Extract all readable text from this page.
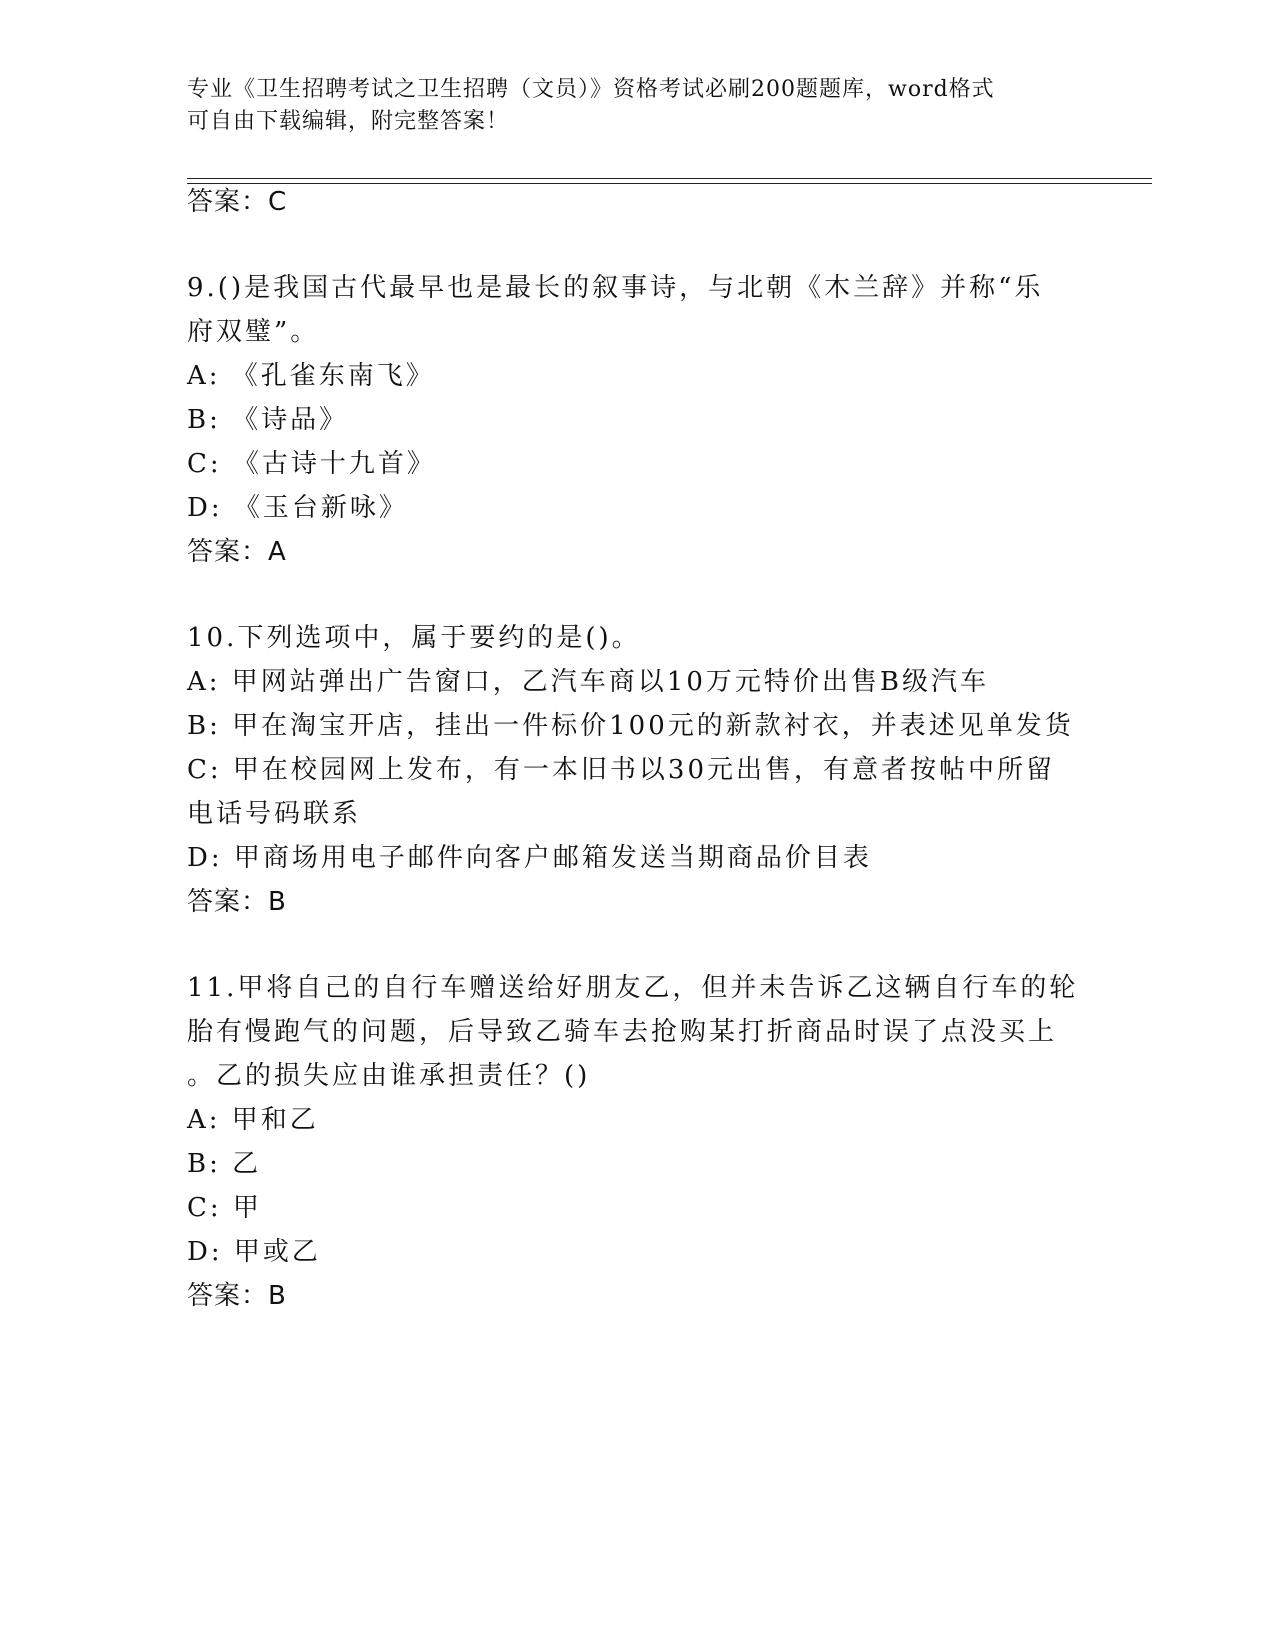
专业《卫生招聘考试之卫生招聘（文员）》资格考试必刷200题题库，word格式
可自由下载编辑，附完整答案！
答案：C
9.()是我国古代最早也是最长的叙事诗，与北朝《木兰辞》并称“乐
府双璧”。
A: 《孔雀东南飞》
B: 《诗品》
C: 《古诗十九首》
D: 《玉台新咏》
答案：A
10.下列选项中，属于要约的是()。
A: 甲网站弹出广告窗口，乙汽车商以10万元特价出售B级汽车
B: 甲在淘宝开店，挂出一件标价100元的新款衬衣，并表述见单发货
C: 甲在校园网上发布，有一本旧书以30元出售，有意者按帖中所留
电话号码联系
D: 甲商场用电子邮件向客户邮箱发送当期商品价目表
答案：B
11.甲将自己的自行车赠送给好朋友乙，但并未告诉乙这辆自行车的轮
胎有慢跑气的问题，后导致乙骑车去抢购某打折商品时误了点没买上
。乙的损失应由谁承担责任？()
A: 甲和乙
B: 乙
C: 甲
D: 甲或乙
答案：B
